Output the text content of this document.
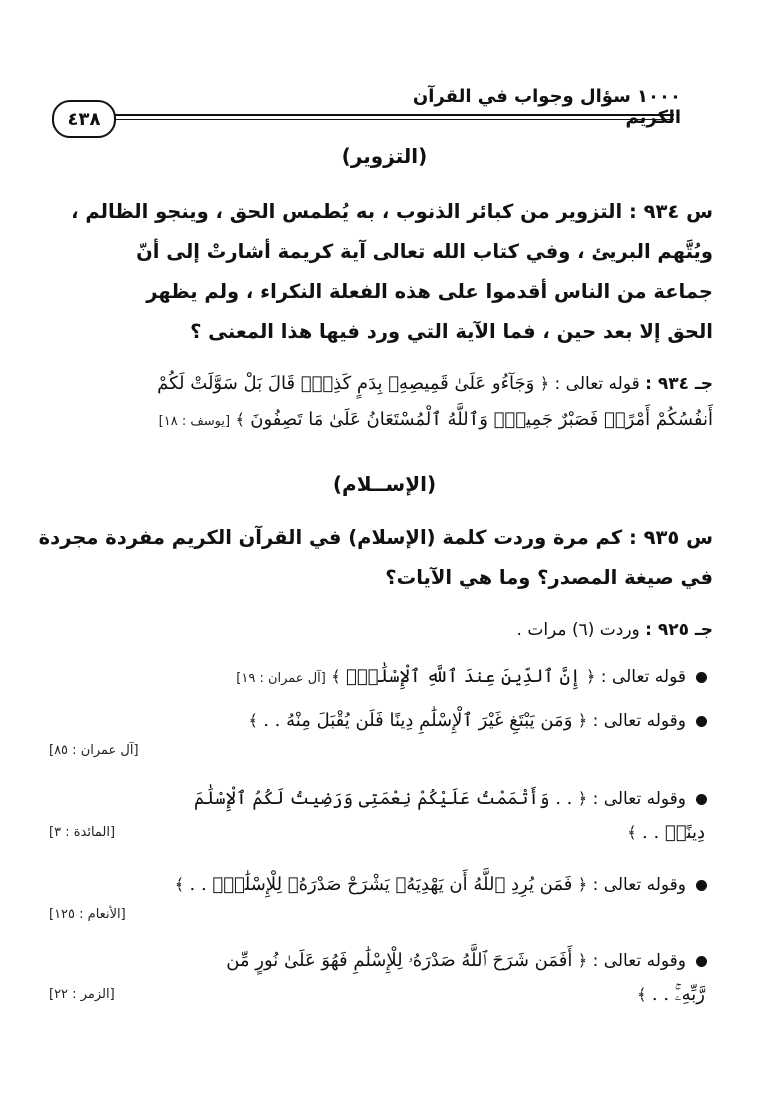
١٠٠٠ سؤال وجواب في القرآن الكريم
٤٣٨
(التزوير)
س ٩٣٤ : التزوير من كبائر الذنوب ، به يُطمس الحق ، وينجو الظالم ،
ويُتَّهم البريئ ، وفي كتاب الله تعالى آية كريمة أشارتْ إلى أنّ
جماعة من الناس أقدموا على هذه الفعلة النكراء ، ولم يظهر
الحق إلا بعد حين ، فما الآية التي ورد فيها هذا المعنى ؟
جـ ٩٣٤ : قوله تعالى : ﴿ وَجَآءُو عَلَىٰ قَمِيصِهِۦ بِدَمٍ كَذِبٍۚ قَالَ بَلْ سَوَّلَتْ لَكُمْ
أَنفُسُكُمْ أَمْرًاۖ فَصَبْرٌ جَمِيلٌۖ وَٱللَّهُ ٱلْمُسْتَعَانُ عَلَىٰ مَا تَصِفُونَ ﴾ [يوسف : ١٨]
(الإســلام)
س ٩٣٥ : كم مرة وردت كلمة (الإسلام) في القرآن الكريم مفردة مجردة
في صيغة المصدر؟ وما هي الآيات؟
جـ ٩٢٥ : وردت (٦) مرات .
قوله تعالى : ﴿ إِنَّ ٱلدِّينَ عِندَ ٱللَّهِ ٱلْإِسْلَٰمُۗ ﴾ [آل عمران : ١٩]
وقوله تعالى : ﴿ وَمَن يَبْتَغِ غَيْرَ ٱلْإِسْلَٰمِ دِينًا فَلَن يُقْبَلَ مِنْهُ . . ﴾
[آل عمران : ٨٥]
وقوله تعالى : ﴿ . . وَأَتْمَمْتُ عَلَيْكُمْ نِعْمَتِى وَرَضِيتُ لَكُمُ ٱلْإِسْلَٰمَ
دِينًاۚ . . ﴾
[المائدة : ٣]
وقوله تعالى : ﴿ فَمَن يُرِدِ ٱللَّهُ أَن يَهْدِيَهُۥ يَشْرَحْ صَدْرَهُۥ لِلْإِسْلَٰمِۖ . . ﴾
[الأنعام : ١٢٥]
وقوله تعالى : ﴿ أَفَمَن شَرَحَ ٱللَّهُ صَدْرَهُۥ لِلْإِسْلَٰمِ فَهُوَ عَلَىٰ نُورٍ مِّن
رَّبِّهِۦۚ . . ﴾
[الزمر : ٢٢]
